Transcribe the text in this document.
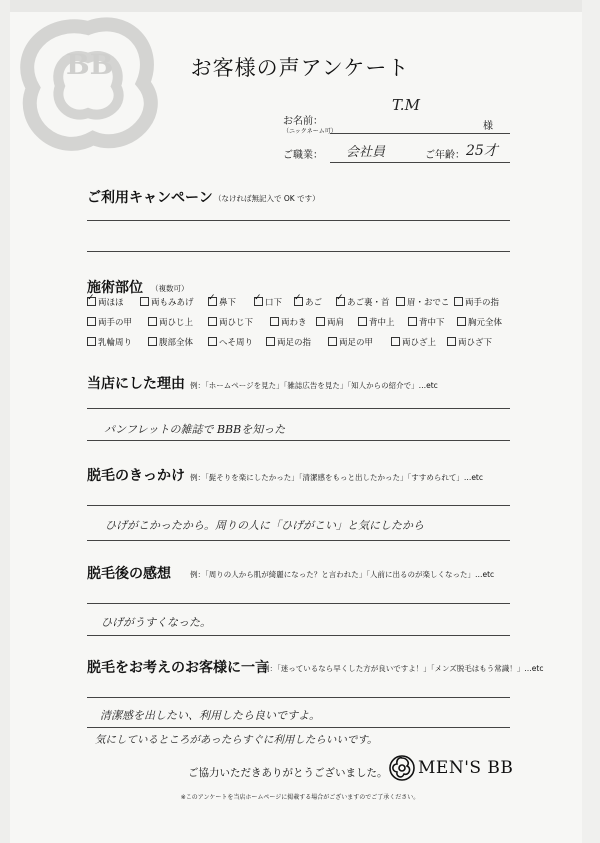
BB	お客様の声アンケート
お名前：
（ニックネーム可）
T.M
様
ご職業： 会社員	ご年齢： 25才
ご利用キャンペーン （なければ無記入で OK です）
施術部位 （複数可）
✓両ほほ	両もみあげ ✓	鼻下 ✓	口下 ✓	あご ✓	あご裏・首	眉・おでこ	両手の指
両手の甲	両ひじ上	両ひじ下	両わき	両肩	背中上	背中下	胸元全体
乳輪周り	腹部全体	へそ周り	両足の指	両足の甲	両ひざ上	両ひざ下
当店にした理由 例：「ホームページを見た」「雑誌広告を見た」「知人からの紹介で」…etc
パンフレットの雑誌で BBBを知った
脱毛のきっかけ 例：「髭そりを楽にしたかった」「清潔感をもっと出したかった」「すすめられて」…etc
ひげがこかったから。周りの人に「ひげがこい」と気にしたから
脱毛後の感想	例：「周りの人から肌が綺麗になった？と言われた」「人前に出るのが楽しくなった」…etc
ひげがうすくなった。
脱毛をお考えのお客様に一言
例：「迷っているなら早くした方が良いですよ！」「メンズ脱毛はもう常識！」…etc
清潔感を出したい、利用したら良いですよ。
気にしているところがあったらすぐに利用したらいいです。
ご協力いただきありがとうございました。 MEN'S BB
※このアンケートを当店ホームページに掲載する場合がございますのでご了承ください。
